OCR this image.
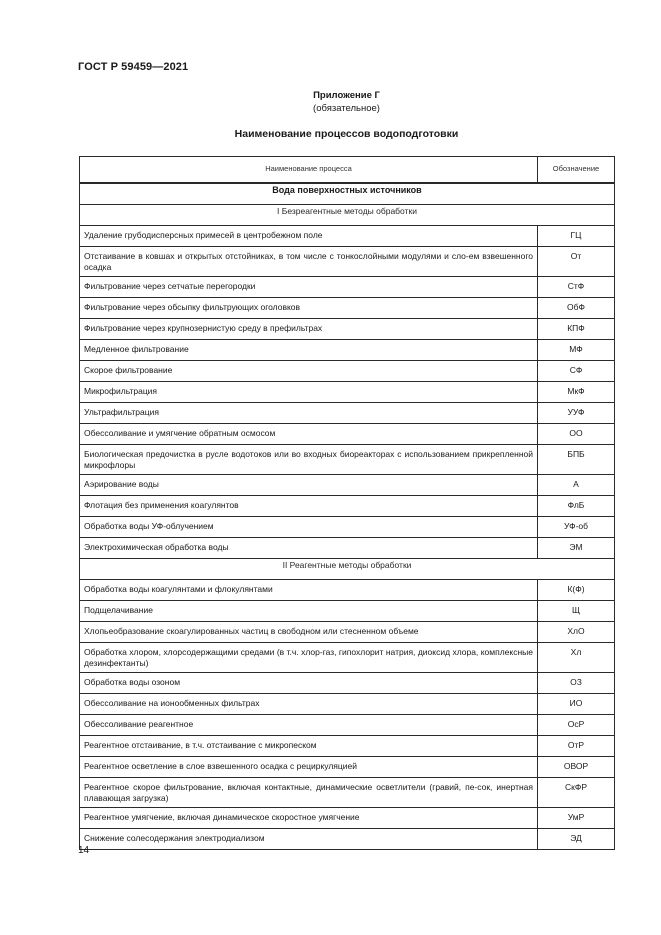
ГОСТ Р 59459—2021
Приложение Г
(обязательное)
Наименование процессов водоподготовки
Наименование процесса	Обозначение
Вода поверхностных источников	
I Безреагентные методы обработки	
Удаление грубодисперсных примесей в центробежном поле	ГЦ
Отстаивание в ковшах и открытых отстойниках, в том числе с тонкослойными модулями и сло-ем взвешенного осадка	От
Фильтрование через сетчатые перегородки	СтФ
Фильтрование через обсыпку фильтрующих оголовков	ОбФ
Фильтрование через крупнозернистую среду в префильтрах	КПФ
Медленное фильтрование	МФ
Скорое фильтрование	СФ
Микрофильтрация	МкФ
Ультрафильтрация	УУФ
Обессоливание и умягчение обратным осмосом	ОО
Биологическая предочистка в русле водотоков или во входных биореакторах с использованием прикрепленной микрофлоры	БПБ
Аэрирование воды	А
Флотация без применения коагулянтов	ФлБ
Обработка воды УФ-облучением	УФ-об
Электрохимическая обработка воды	ЭМ
II Реагентные методы обработки	
Обработка воды коагулянтами и флокулянтами	К(Ф)
Подщелачивание	Щ
Хлопьеобразование скоагулированных частиц в свободном или стесненном объеме	ХлО
Обработка хлором, хлорсодержащими средами (в т.ч. хлор-газ, гипохлорит натрия, диоксид хлора, комплексные дезинфектанты)	Хл
Обработка воды озоном	ОЗ
Обессоливание на ионообменных фильтрах	ИО
Обессоливание реагентное	ОсР
Реагентное отстаивание, в т.ч. отстаивание с микропеском	ОтР
Реагентное осветление в слое взвешенного осадка с рециркуляцией	ОВОР
Реагентное скорое фильтрование, включая контактные, динамические осветлители (гравий, пе-сок, инертная плавающая загрузка)	СкФР
Реагентное умягчение, включая динамическое скоростное умягчение	УмР
Снижение солесодержания электродиализом	ЭД
14
